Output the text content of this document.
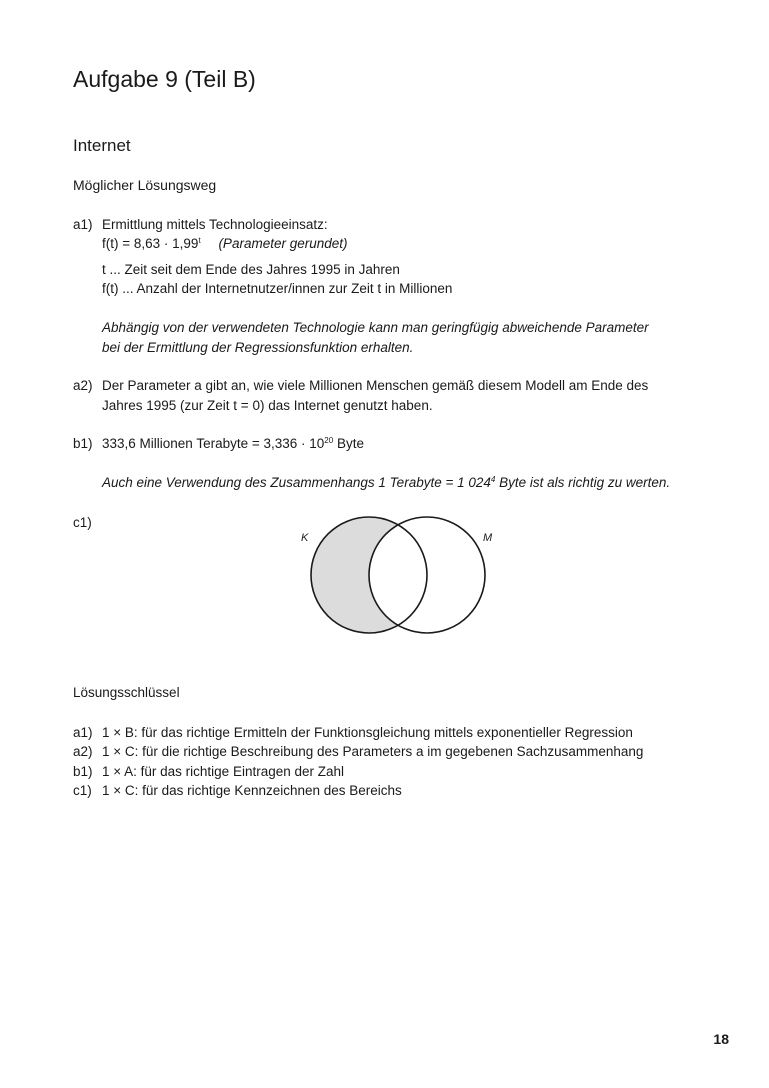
Aufgabe 9 (Teil B)
Internet
Möglicher Lösungsweg
a1) Ermittlung mittels Technologieeinsatz:
$f(t) = 8,63 \cdot 1,99^t$ (Parameter gerundet)
t ... Zeit seit dem Ende des Jahres 1995 in Jahren
f(t) ... Anzahl der Internetnutzer/innen zur Zeit t in Millionen
Abhängig von der verwendeten Technologie kann man geringfügig abweichende Parameter
bei der Ermittlung der Regressionsfunktion erhalten.
a2) Der Parameter a gibt an, wie viele Millionen Menschen gemäß diesem Modell am Ende des
Jahres 1995 (zur Zeit t = 0) das Internet genutzt haben.
b1) 333,6 Millionen Terabyte = $3,336 \cdot 10^{20}$ Byte
Auch eine Verwendung des Zusammenhangs 1 Terabyte = 1 $024^4$ Byte ist als richtig zu werten.
c1)
K	M
Lösungsschlüssel
a1) 1 × B: für das richtige Ermitteln der Funktionsgleichung mittels exponentieller Regression
a2) 1 × C: für die richtige Beschreibung des Parameters a im gegebenen Sachzusammenhang
b1) 1 × A: für das richtige Eintragen der Zahl
c1) 1 × C: für das richtige Kennzeichnen des Bereichs
18
